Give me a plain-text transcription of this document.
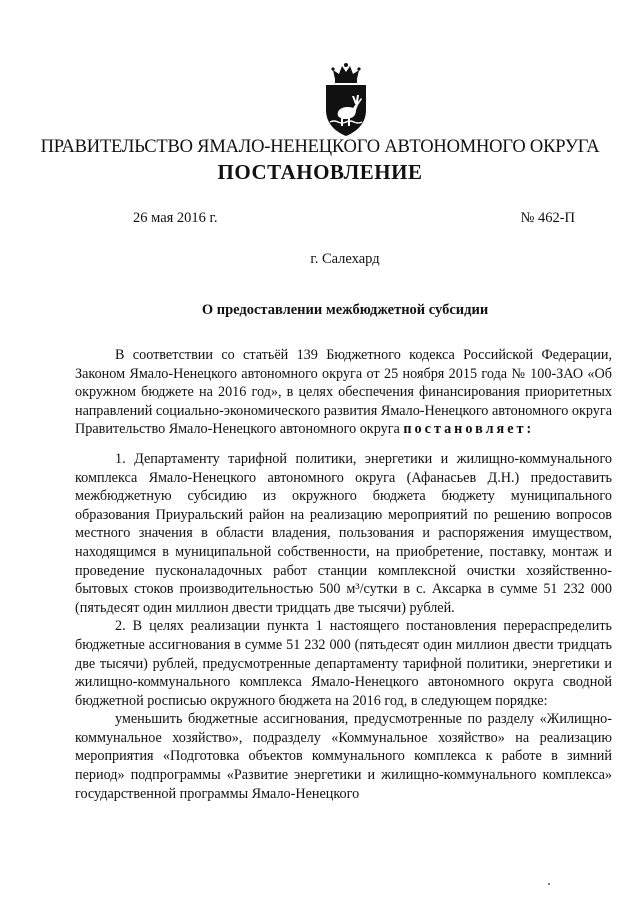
ПРАВИТЕЛЬСТВО ЯМАЛО-НЕНЕЦКОГО АВТОНОМНОГО ОКРУГА
ПОСТАНОВЛЕНИЕ
26 мая 2016 г.	№ 462-П
г. Салехард
О предоставлении межбюджетной субсидии

В соответствии со статьёй 139 Бюджетного кодекса Российской Федерации, Законом Ямало-Ненецкого автономного округа от 25 ноября 2015 года № 100-ЗАО «Об окружном бюджете на 2016 год», в целях обеспечения финансирования приоритетных направлений социально-экономического развития Ямало-Ненецкого автономного округа Правительство Ямало-Ненецкого автономного округа постановляет:

1. Департаменту тарифной политики, энергетики и жилищно-коммунального комплекса Ямало-Ненецкого автономного округа (Афанасьев Д.Н.) предоставить межбюджетную субсидию из окружного бюджета бюджету муниципального образования Приуральский район на реализацию мероприятий по решению вопросов местного значения в области владения, пользования и распоряжения имуществом, находящимся в муниципальной собственности, на приобретение, поставку, монтаж и проведение пусконаладочных работ станции комплексной очистки хозяйственно-бытовых стоков производительностью 500 м³/сутки в с. Аксарка в сумме 51 232 000 (пятьдесят один миллион двести тридцать две тысячи) рублей.

2. В целях реализации пункта 1 настоящего постановления перераспределить бюджетные ассигнования в сумме 51 232 000 (пятьдесят один миллион двести тридцать две тысячи) рублей, предусмотренные департаменту тарифной политики, энергетики и жилищно-коммунального комплекса Ямало-Ненецкого автономного округа сводной бюджетной росписью окружного бюджета на 2016 год, в следующем порядке:

уменьшить бюджетные ассигнования, предусмотренные по разделу «Жилищно-коммунальное хозяйство», подразделу «Коммунальное хозяйство» на реализацию мероприятия «Подготовка объектов коммунального комплекса к работе в зимний период» подпрограммы «Развитие энергетики и жилищно-коммунального комплекса» государственной программы Ямало-Ненецкого
